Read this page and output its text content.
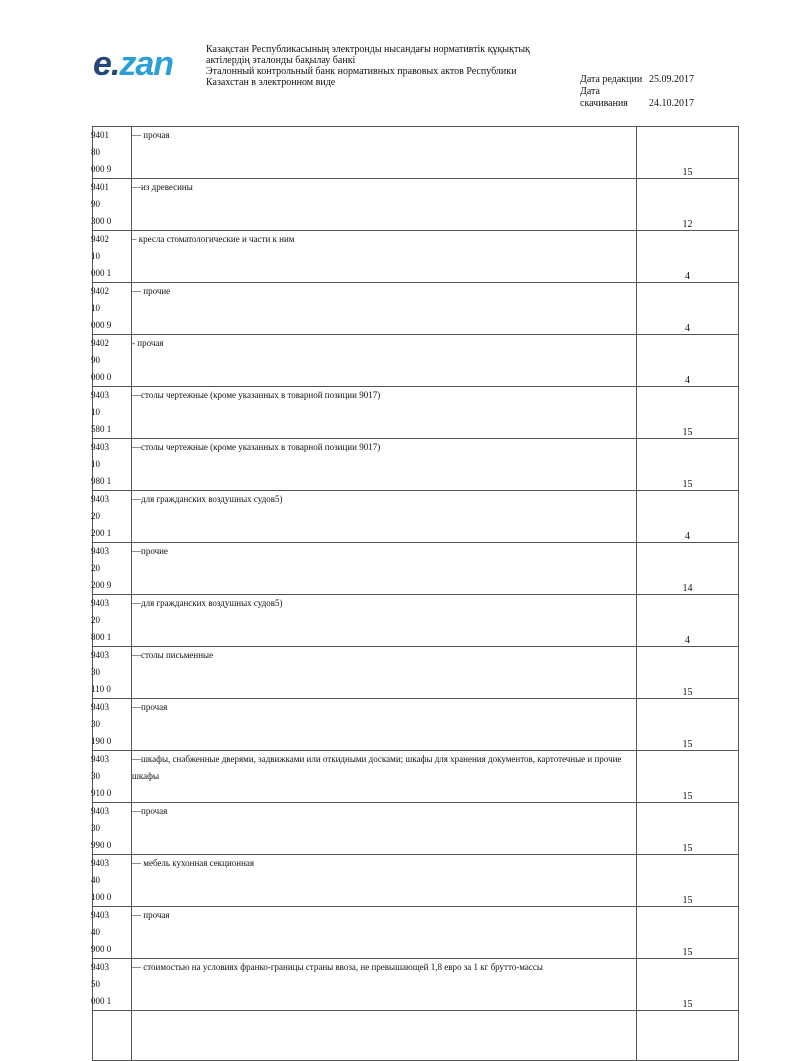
e.zan	Казақстан Республикасының электронды нысандағы нормативтік құқықтық
актілердің эталонды бақылау банкі
Эталонный контрольный банк нормативных правовых актов Республики
Казахстан в электронном виде	Дата редакции 25.09.2017
Дата скачивания 24.10.2017
9401
80
000 9	— прочая	15

9401
90
300 0	—из древесины	12

9402
10
000 1	– кресла стоматологические и части к ним	4

9402
10
000 9	— прочие	4

9402
90
000 0	- прочая	4

9403
10
580 1	—столы чертежные (кроме указанных в товарной позиции 9017)	15

9403
10
980 1	—столы чертежные (кроме указанных в товарной позиции 9017)	15

9403
20
200 1	—для гражданских воздушных судов5)	4

9403
20
200 9	—прочие	14

9403
20
800 1	—для гражданских воздушных судов5)	4

9403
30
110 0	—столы письменные	15

9403
30
190 0	—прочая	15

9403
30
910 0	—шкафы, снабженные дверями, задвижками или откидными досками; шкафы для хранения документов, картотечные и прочие шкафы	15

9403
30
990 0	—прочая	15

9403
40
100 0	— мебель кухонная секционная	15

9403
40
900 0	— прочая	15

9403
50
000 1	— стоимостью на условиях франко-границы страны ввоза, не превышающей 1,8 евро за 1 кг брутто-массы	15
